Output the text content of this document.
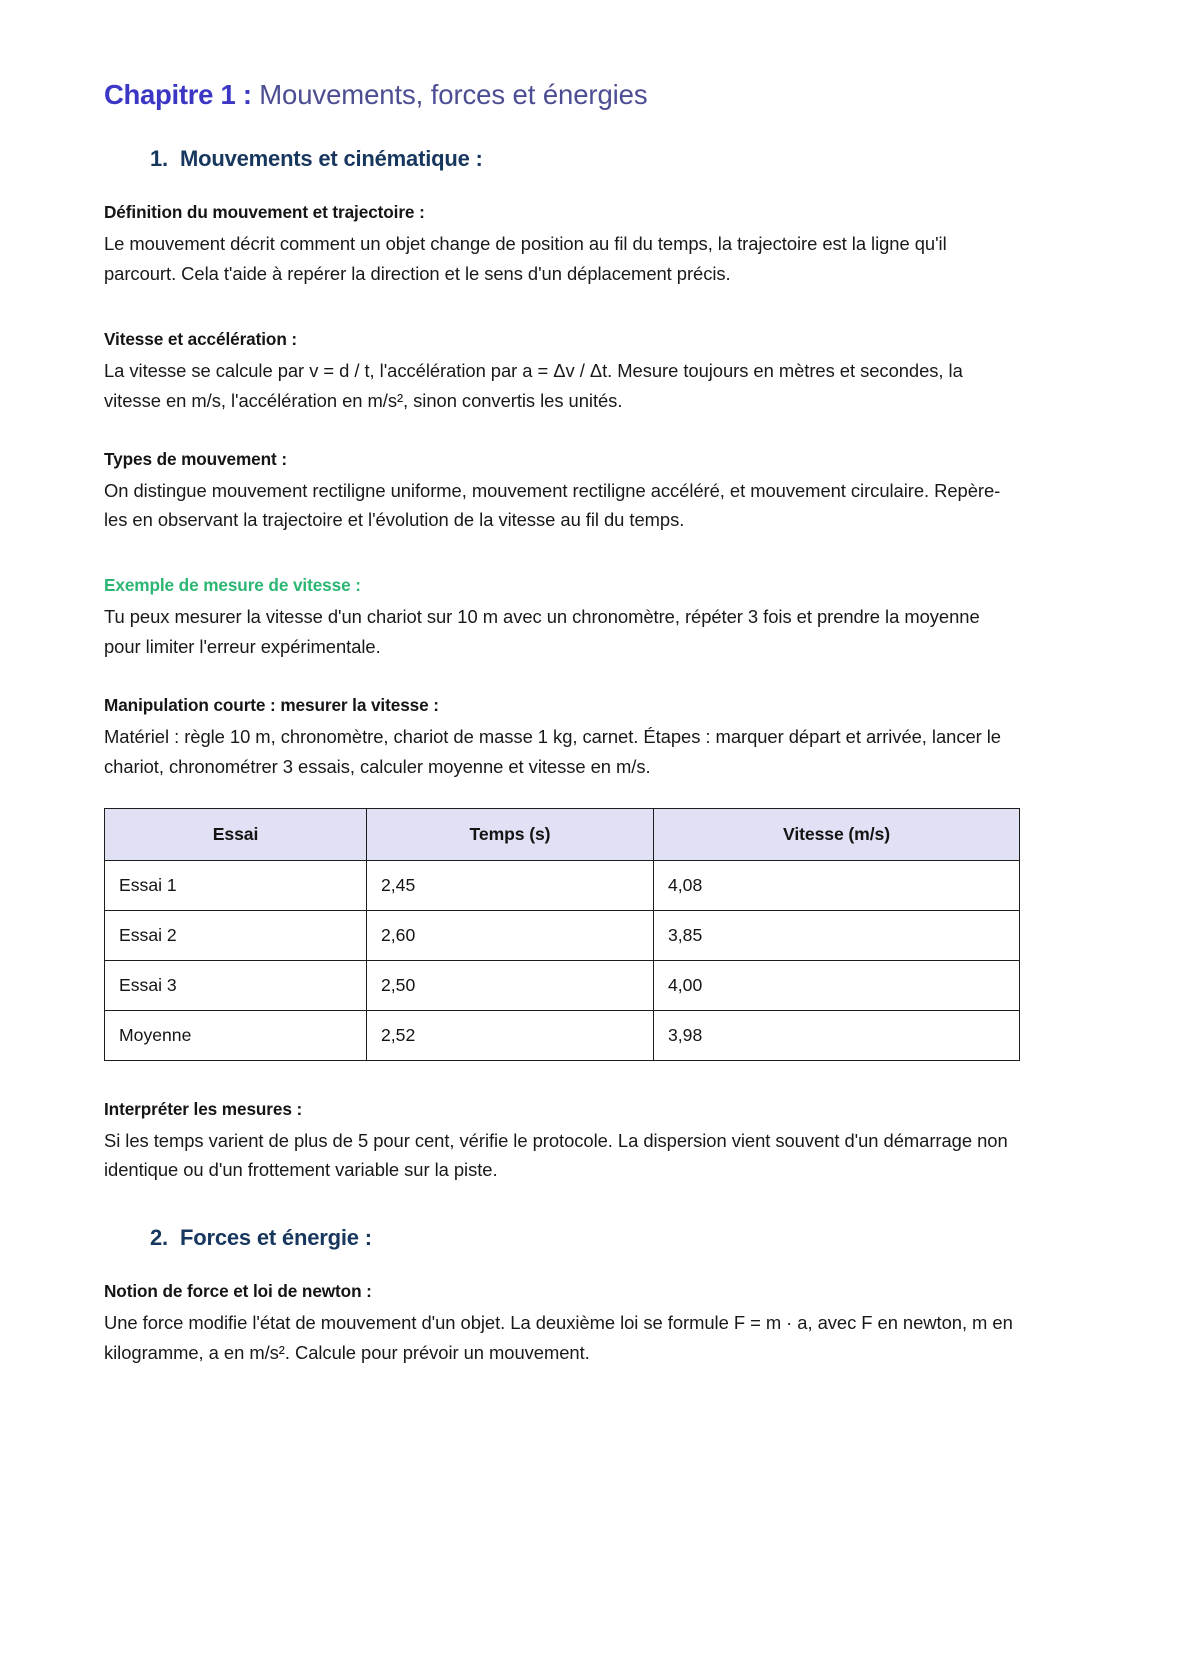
Chapitre 1 : Mouvements, forces et énergies
1. Mouvements et cinématique :
Définition du mouvement et trajectoire :

Le mouvement décrit comment un objet change de position au fil du temps, la trajectoire est la ligne qu'il parcourt. Cela t'aide à repérer la direction et le sens d'un déplacement précis.

Vitesse et accélération :

La vitesse se calcule par v = d / t, l'accélération par a = Δv / Δt. Mesure toujours en mètres et secondes, la vitesse en m/s, l'accélération en m/s², sinon convertis les unités.

Types de mouvement :

On distingue mouvement rectiligne uniforme, mouvement rectiligne accéléré, et mouvement circulaire. Repère-les en observant la trajectoire et l'évolution de la vitesse au fil du temps.

Exemple de mesure de vitesse :

Tu peux mesurer la vitesse d'un chariot sur 10 m avec un chronomètre, répéter 3 fois et prendre la moyenne pour limiter l'erreur expérimentale.

Manipulation courte : mesurer la vitesse :

Matériel : règle 10 m, chronomètre, chariot de masse 1 kg, carnet. Étapes : marquer départ et arrivée, lancer le chariot, chronométrer 3 essais, calculer moyenne et vitesse en m/s.

Essai	Temps (s)	Vitesse (m/s)
Essai 1	2,45	4,08
Essai 2	2,60	3,85
Essai 3	2,50	4,00
Moyenne	2,52	3,98
Interpréter les mesures :

Si les temps varient de plus de 5 pour cent, vérifie le protocole. La dispersion vient souvent d'un démarrage non identique ou d'un frottement variable sur la piste.

2. Forces et énergie :
Notion de force et loi de newton :

Une force modifie l'état de mouvement d'un objet. La deuxième loi se formule F = m · a, avec F en newton, m en kilogramme, a en m/s². Calcule pour prévoir un mouvement.
